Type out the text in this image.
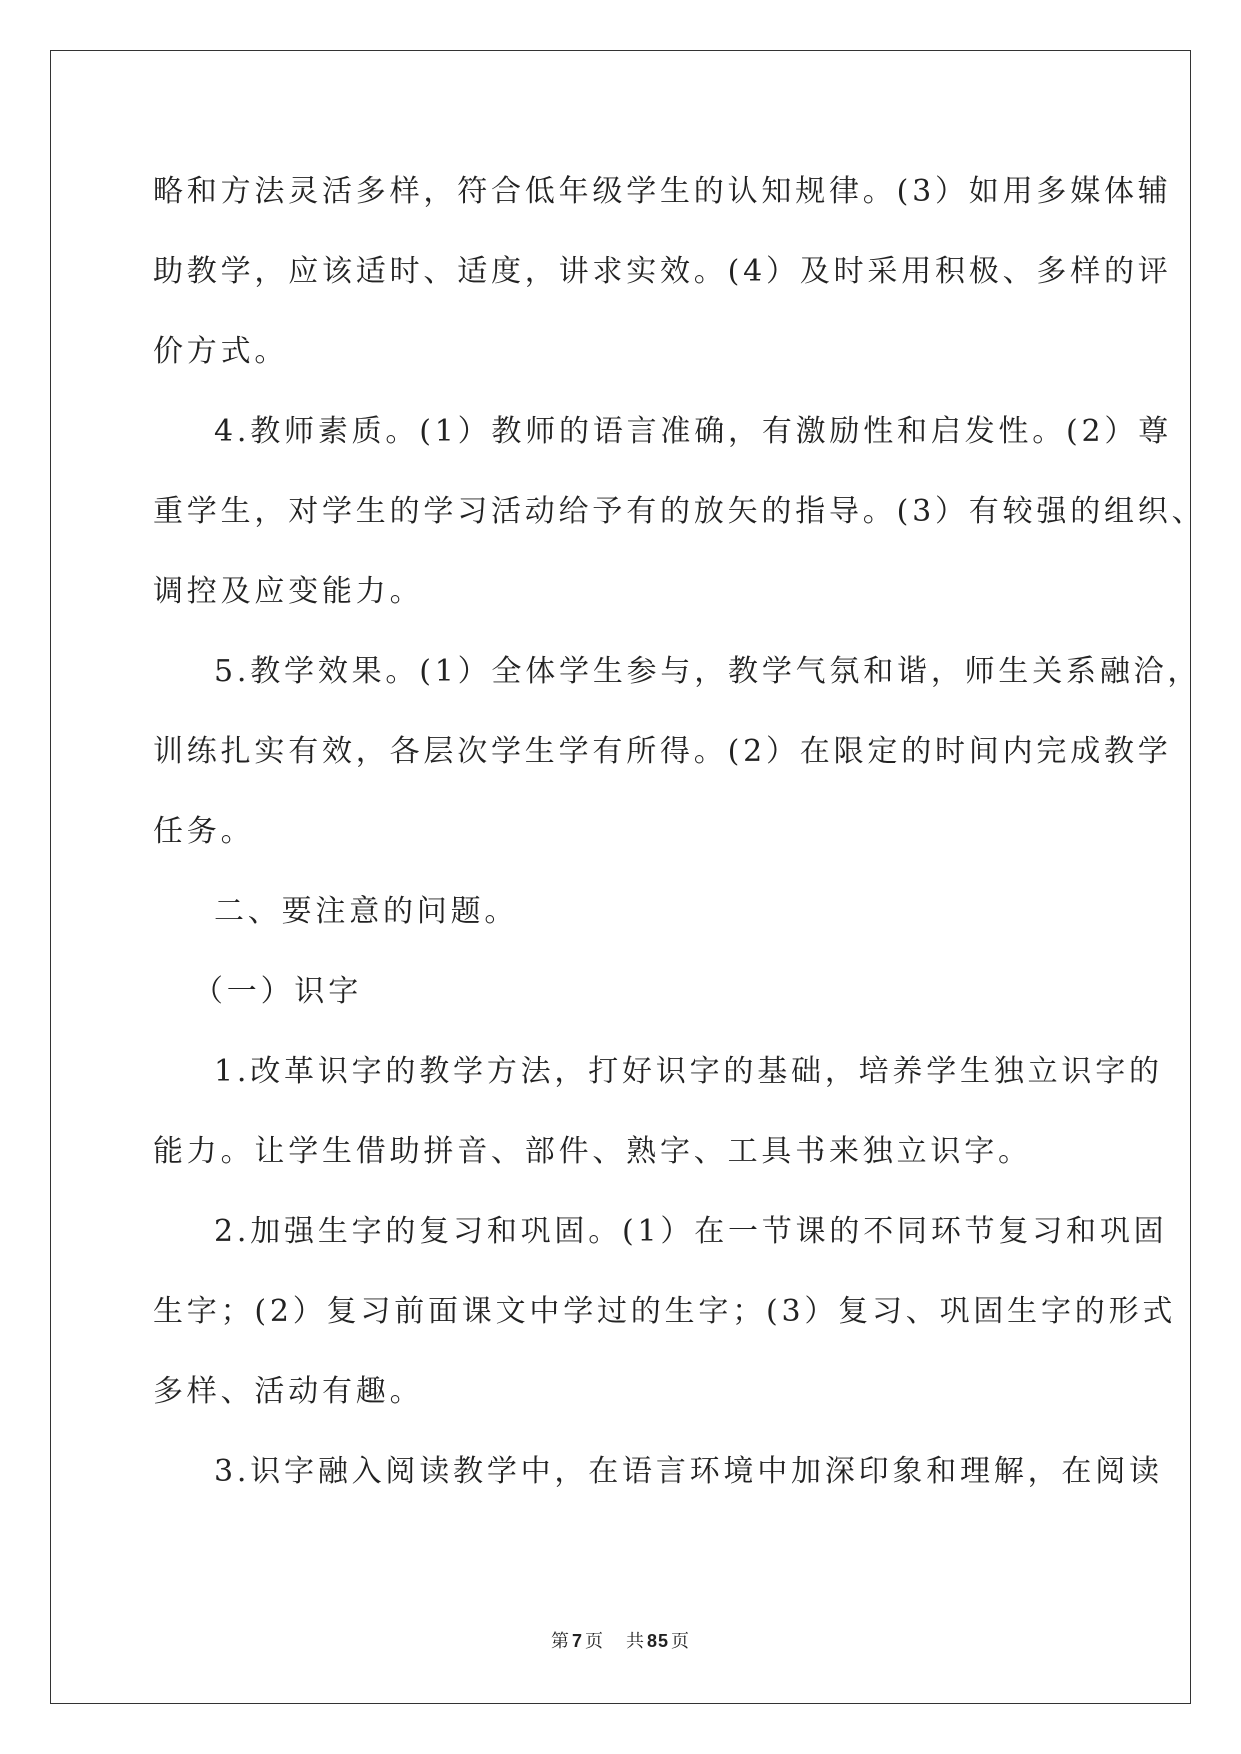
略和方法灵活多样，符合低年级学生的认知规律。(3）如用多媒体辅
助教学，应该适时、适度，讲求实效。(4）及时采用积极、多样的评
价方式。
4.教师素质。(1）教师的语言准确，有激励性和启发性。(2）尊
重学生，对学生的学习活动给予有的放矢的指导。(3）有较强的组织、
调控及应变能力。
5.教学效果。(1）全体学生参与，教学气氛和谐，师生关系融洽，
训练扎实有效，各层次学生学有所得。(2）在限定的时间内完成教学
任务。
二、要注意的问题。
（一）识字
1.改革识字的教学方法，打好识字的基础，培养学生独立识字的
能力。让学生借助拼音、部件、熟字、工具书来独立识字。
2.加强生字的复习和巩固。(1）在一节课的不同环节复习和巩固
生字；(2）复习前面课文中学过的生字；(3）复习、巩固生字的形式
多样、活动有趣。
3.识字融入阅读教学中，在语言环境中加深印象和理解，在阅读
第 7 页 共 85 页
